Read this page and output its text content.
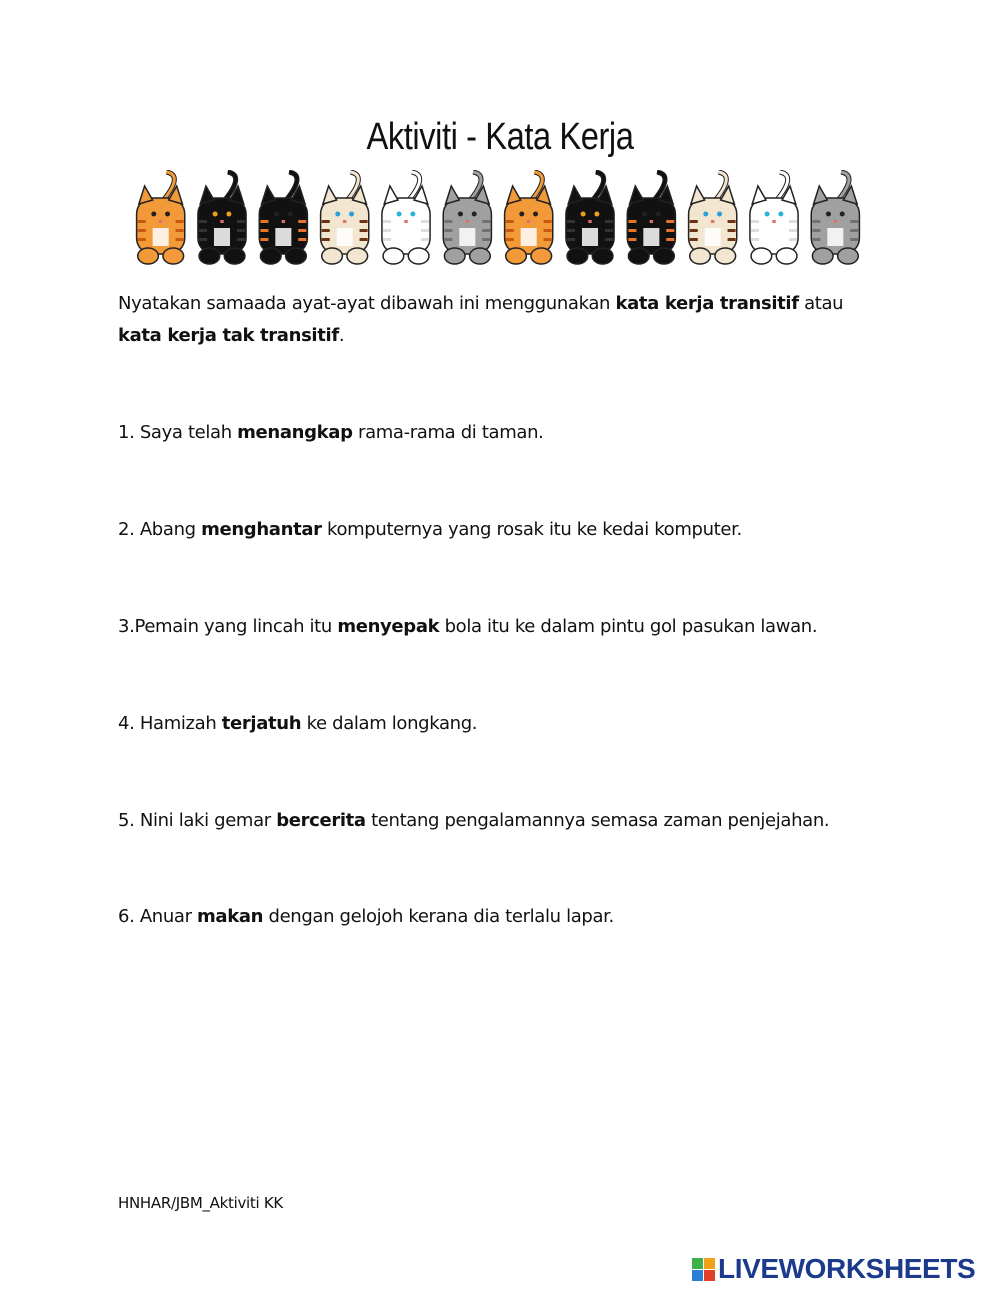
Aktiviti - Kata Kerja
Nyatakan samaada ayat-ayat dibawah ini menggunakan kata kerja transitif atau kata kerja tak transitif.
1. Saya telah menangkap rama-rama di taman.
2. Abang menghantar komputernya yang rosak itu ke kedai komputer.
3.Pemain yang lincah itu menyepak bola itu ke dalam pintu gol pasukan lawan.
4. Hamizah terjatuh ke dalam longkang.
5. Nini laki gemar bercerita tentang pengalamannya semasa zaman penjejahan.
6. Anuar makan dengan gelojoh kerana dia terlalu lapar.
HNHAR/JBM_Aktiviti KK
LIVEWORKSHEETS
